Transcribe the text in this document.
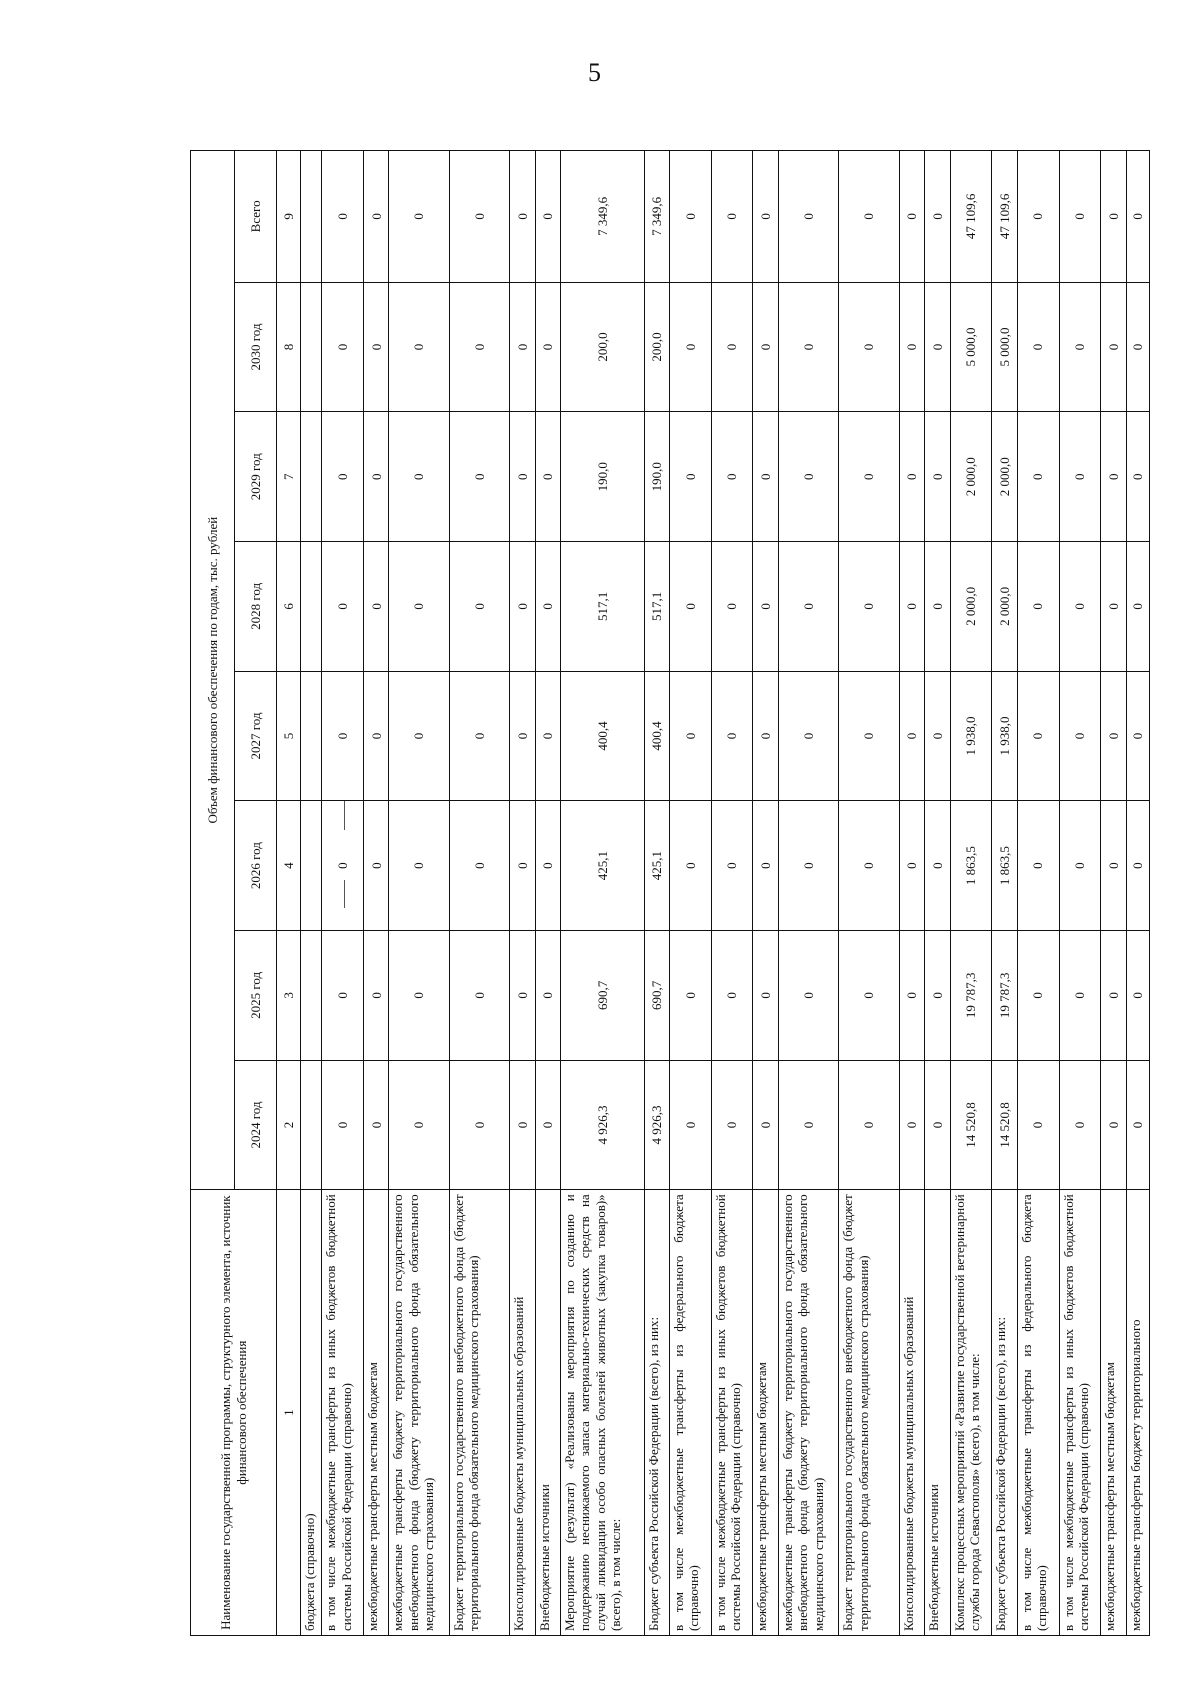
5
Наименование государственной программы, структурного элемента, источник финансового обеспечения	Объем финансового обеспечения по годам, тыс. рублей							
	2024 год	2025 год	2026 год	2027 год	2028 год	2029 год	2030 год	Всего
1	2	3	4	5	6	7	8	9
бюджета (справочно)								
в том числе межбюджетные трансферты из иных бюджетов бюджетной системы Российской Федерации (справочно)	0	0	0	0	0	0	0	0
межбюджетные трансферты местным бюджетам	0	0	0	0	0	0	0	0
межбюджетные трансферты бюджету территориального государственного внебюджетного фонда (бюджету территориального фонда обязательного медицинского страхования)	0	0	0	0	0	0	0	0
Бюджет территориального государственного внебюджетного фонда (бюджет территориального фонда обязательного медицинского страхования)	0	0	0	0	0	0	0	0
Консолидированные бюджеты муниципальных образований	0	0	0	0	0	0	0	0
Внебюджетные источники	0	0	0	0	0	0	0	0
Мероприятие (результат) «Реализованы мероприятия по созданию и поддержанию неснижаемого запаса материально-технических средств на случай ликвидации особо опасных болезней животных (закупка товаров)» (всего), в том числе:	4 926,3	690,7	425,1	400,4	517,1	190,0	200,0	7 349,6
Бюджет субъекта Российской Федерации (всего), из них:	4 926,3	690,7	425,1	400,4	517,1	190,0	200,0	7 349,6
в том числе межбюджетные трансферты из федерального бюджета (справочно)	0	0	0	0	0	0	0	0
в том числе межбюджетные трансферты из иных бюджетов бюджетной системы Российской Федерации (справочно)	0	0	0	0	0	0	0	0
межбюджетные трансферты местным бюджетам	0	0	0	0	0	0	0	0
межбюджетные трансферты бюджету территориального государственного внебюджетного фонда (бюджету территориального фонда обязательного медицинского страхования)	0	0	0	0	0	0	0	0
Бюджет территориального государственного внебюджетного фонда (бюджет территориального фонда обязательного медицинского страхования)	0	0	0	0	0	0	0	0
Консолидированные бюджеты муниципальных образований	0	0	0	0	0	0	0	0
Внебюджетные источники	0	0	0	0	0	0	0	0
Комплекс процессных мероприятий «Развитие государственной ветеринарной службы города Севастополя» (всего), в том числе:	14 520,8	19 787,3	1 863,5	1 938,0	2 000,0	2 000,0	5 000,0	47 109,6
Бюджет субъекта Российской Федерации (всего), из них:	14 520,8	19 787,3	1 863,5	1 938,0	2 000,0	2 000,0	5 000,0	47 109,6
в том числе межбюджетные трансферты из федерального бюджета (справочно)	0	0	0	0	0	0	0	0
в том числе межбюджетные трансферты из иных бюджетов бюджетной системы Российской Федерации (справочно)	0	0	0	0	0	0	0	0
межбюджетные трансферты местным бюджетам	0	0	0	0	0	0	0	0
межбюджетные трансферты бюджету территориального	0	0	0	0	0	0	0	0
